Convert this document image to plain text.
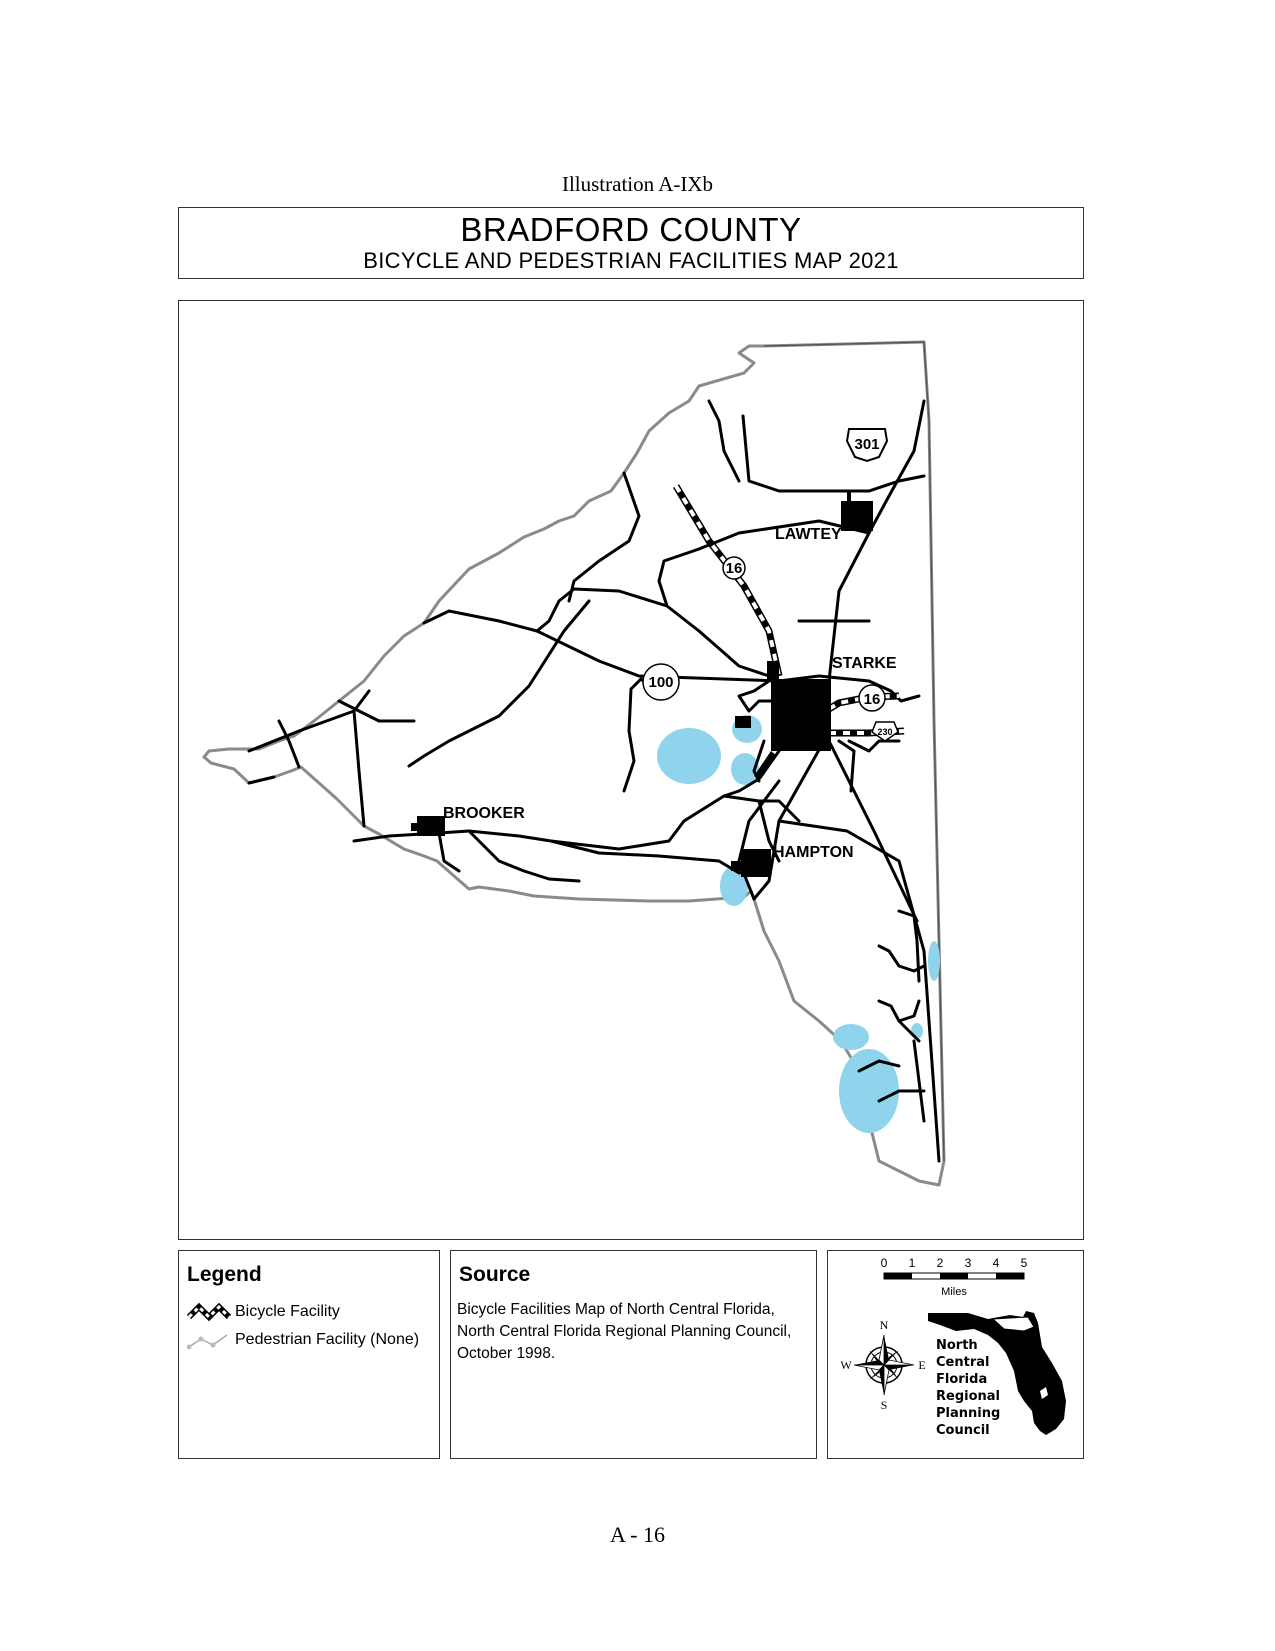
Illustration A-IXb
BRADFORD COUNTY
BICYCLE AND PEDESTRIAN FACILITIES MAP 2021
LAWTEY
STARKE
BROOKER
HAMPTON
301
16
100
16
230
Legend
Bicycle Facility
Pedestrian Facility (None)
Source

Bicycle Facilities Map of North Central Florida, North Central Florida Regional Planning Council, October 1998.

0 1 2 3 4 5
Miles
N
S
E
W
North
Central
Florida
Regional
Planning
Council
A - 16
